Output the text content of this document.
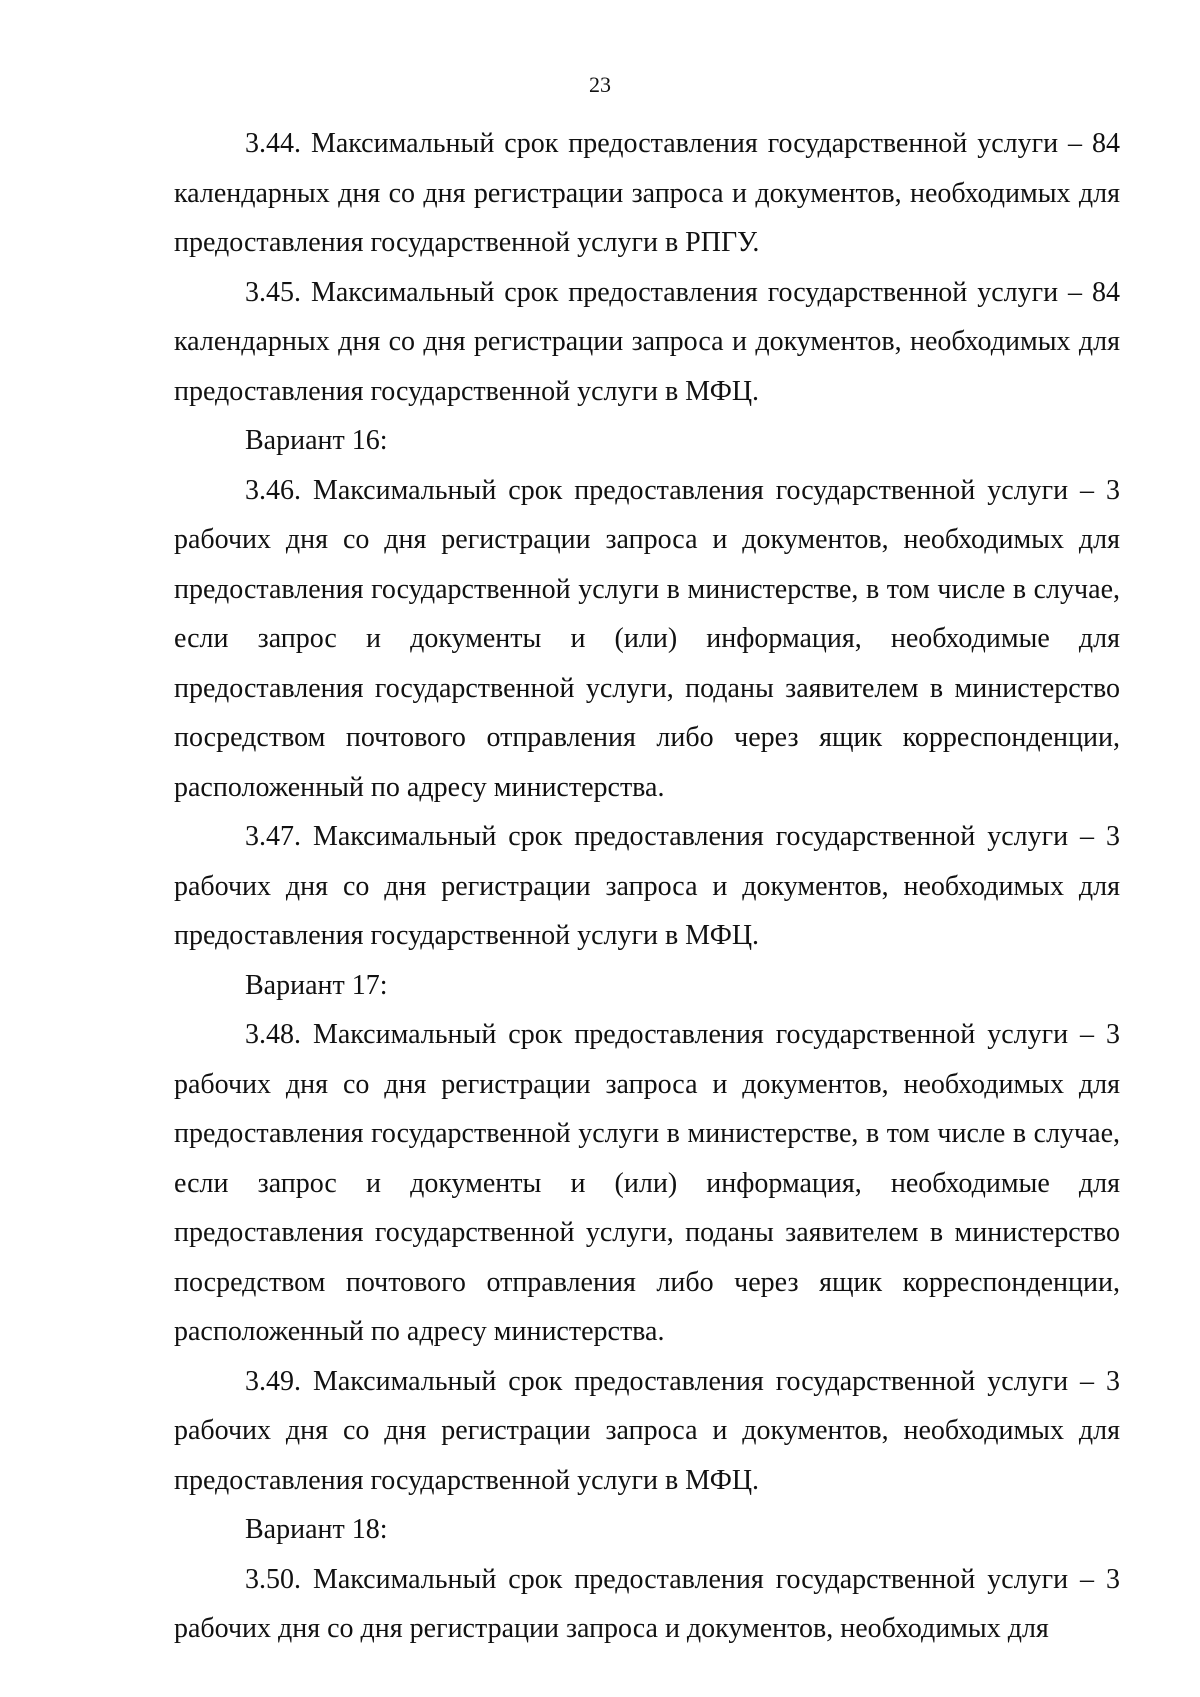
23

3.44. Максимальный срок предоставления государственной услуги – 84 календарных дня со дня регистрации запроса и документов, необходимых для предоставления государственной услуги в РПГУ.

3.45. Максимальный срок предоставления государственной услуги – 84 календарных дня со дня регистрации запроса и документов, необходимых для предоставления государственной услуги в МФЦ.

Вариант 16:

3.46. Максимальный срок предоставления государственной услуги – 3 рабочих дня со дня регистрации запроса и документов, необходимых для предоставления государственной услуги в министерстве, в том числе в случае, если запрос и документы и (или) информация, необходимые для предоставления государственной услуги, поданы заявителем в министерство посредством почтового отправления либо через ящик корреспонденции, расположенный по адресу министерства.

3.47. Максимальный срок предоставления государственной услуги – 3 рабочих дня со дня регистрации запроса и документов, необходимых для предоставления государственной услуги в МФЦ.

Вариант 17:

3.48. Максимальный срок предоставления государственной услуги – 3 рабочих дня со дня регистрации запроса и документов, необходимых для предоставления государственной услуги в министерстве, в том числе в случае, если запрос и документы и (или) информация, необходимые для предоставления государственной услуги, поданы заявителем в министерство посредством почтового отправления либо через ящик корреспонденции, расположенный по адресу министерства.

3.49. Максимальный срок предоставления государственной услуги – 3 рабочих дня со дня регистрации запроса и документов, необходимых для предоставления государственной услуги в МФЦ.

Вариант 18:

3.50. Максимальный срок предоставления государственной услуги – 3 рабочих дня со дня регистрации запроса и документов, необходимых для
